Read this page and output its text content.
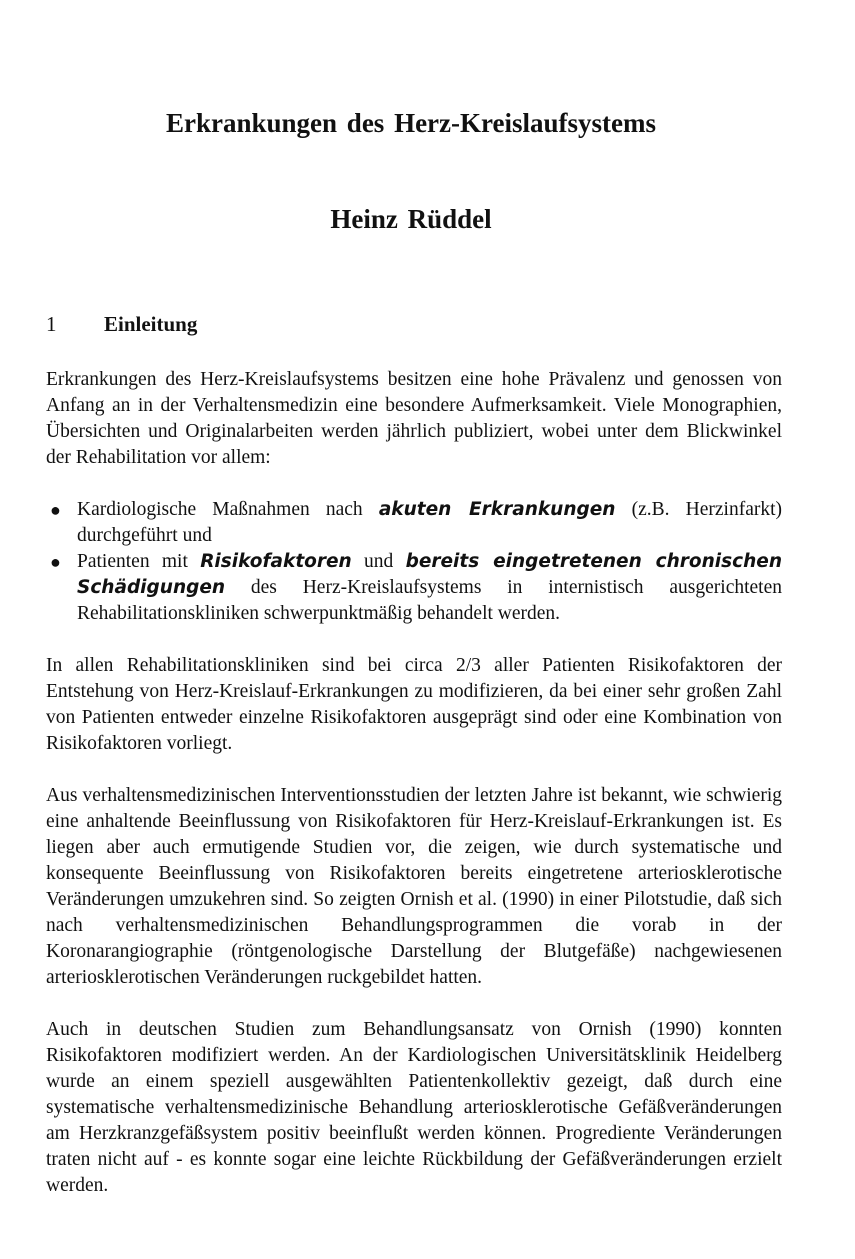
Erkrankungen des Herz-Kreislaufsystems
Heinz Rüddel
1 Einleitung

Erkrankungen des Herz-Kreislaufsystems besitzen eine hohe Prävalenz und genossen von Anfang an in der Verhaltensmedizin eine besondere Aufmerksamkeit. Viele Monographien, Übersichten und Originalarbeiten werden jährlich publiziert, wobei unter dem Blickwinkel der Rehabilitation vor allem:

● Kardiologische Maßnahmen nach akuten Erkrankungen (z.B. Herzinfarkt) durchgeführt und
● Patienten mit Risikofaktoren und bereits eingetretenen chronischen Schädigungen des Herz-Kreislaufsystems in internistisch ausgerichteten Rehabilitationskliniken schwerpunktmäßig behandelt werden.

In allen Rehabilitationskliniken sind bei circa 2/3 aller Patienten Risikofaktoren der Entstehung von Herz-Kreislauf-Erkrankungen zu modifizieren, da bei einer sehr großen Zahl von Patienten entweder einzelne Risikofaktoren ausgeprägt sind oder eine Kombination von Risikofaktoren vorliegt.

Aus verhaltensmedizinischen Interventionsstudien der letzten Jahre ist bekannt, wie schwierig eine anhaltende Beeinflussung von Risikofaktoren für Herz-Kreislauf-Erkrankungen ist. Es liegen aber auch ermutigende Studien vor, die zeigen, wie durch systematische und konsequente Beeinflussung von Risikofaktoren bereits eingetretene arteriosklerotische Veränderungen umzukehren sind. So zeigten Ornish et al. (1990) in einer Pilotstudie, daß sich nach verhaltensmedizinischen Behandlungsprogrammen die vorab in der Koronarangiographie (röntgenologische Darstellung der Blutgefäße) nachgewiesenen arteriosklerotischen Veränderungen ruckgebildet hatten.

Auch in deutschen Studien zum Behandlungsansatz von Ornish (1990) konnten Risikofaktoren modifiziert werden. An der Kardiologischen Universitätsklinik Heidelberg wurde an einem speziell ausgewählten Patientenkollektiv gezeigt, daß durch eine systematische verhaltensmedizinische Behandlung arteriosklerotische Gefäßveränderungen am Herzkranzgefäßsystem positiv beeinflußt werden können. Progrediente Veränderungen traten nicht auf - es konnte sogar eine leichte Rückbildung der Gefäßveränderungen erzielt werden.
